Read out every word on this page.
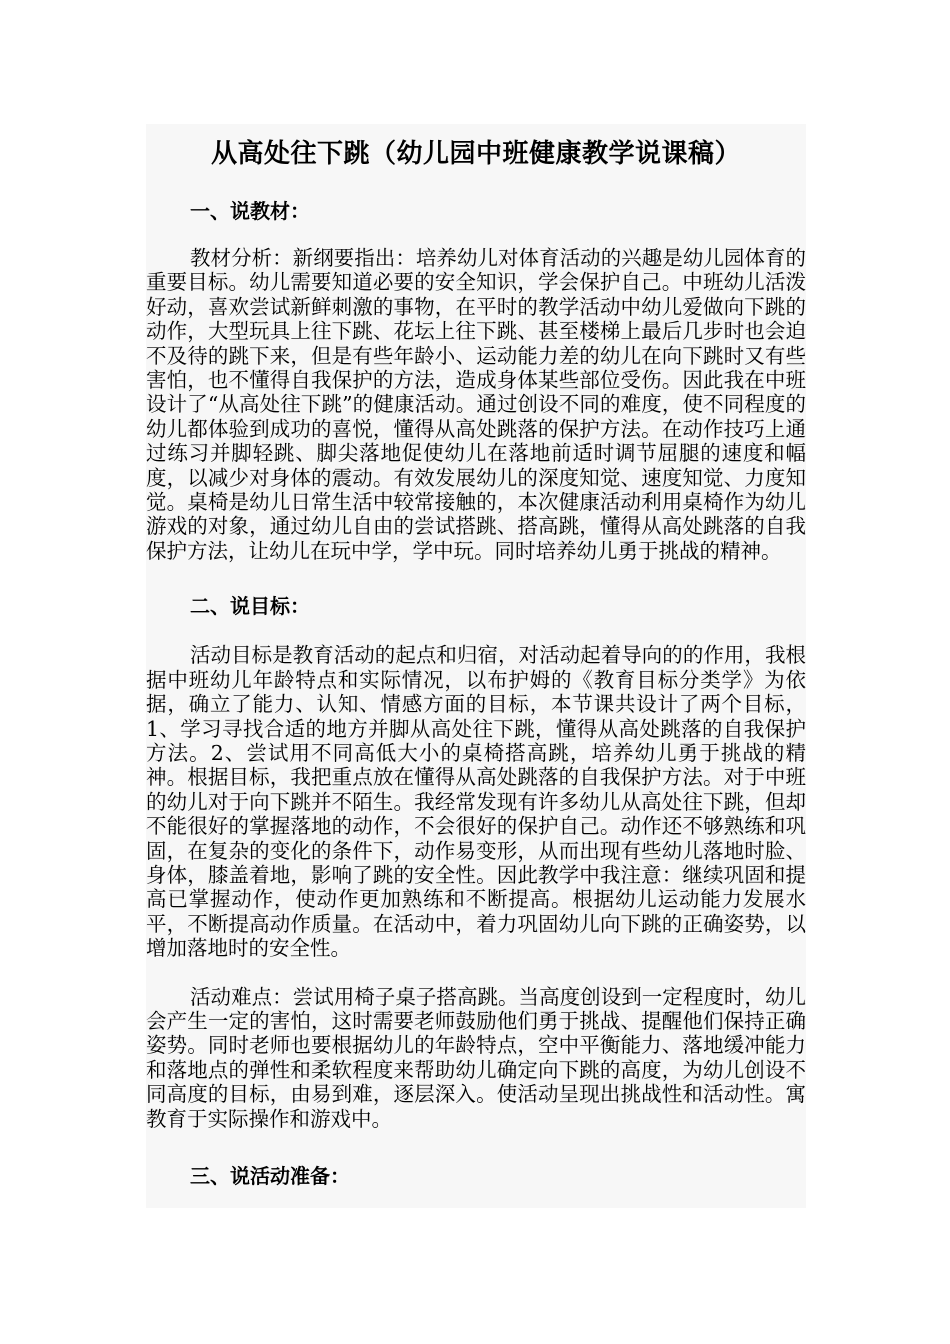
从高处往下跳（幼儿园中班健康教学说课稿）
一、说教材：

教材分析：新纲要指出：培养幼儿对体育活动的兴趣是幼儿园体育的重要目标。幼儿需要知道必要的安全知识，学会保护自己。中班幼儿活泼好动，喜欢尝试新鲜刺激的事物，在平时的教学活动中幼儿爱做向下跳的动作，大型玩具上往下跳、花坛上往下跳、甚至楼梯上最后几步时也会迫不及待的跳下来，但是有些年龄小、运动能力差的幼儿在向下跳时又有些害怕，也不懂得自我保护的方法，造成身体某些部位受伤。因此我在中班设计了“从高处往下跳”的健康活动。通过创设不同的难度，使不同程度的幼儿都体验到成功的喜悦，懂得从高处跳落的保护方法。在动作技巧上通过练习并脚轻跳、脚尖落地促使幼儿在落地前适时调节屈腿的速度和幅度，以减少对身体的震动。有效发展幼儿的深度知觉、速度知觉、力度知觉。桌椅是幼儿日常生活中较常接触的，本次健康活动利用桌椅作为幼儿游戏的对象，通过幼儿自由的尝试搭跳、搭高跳，懂得从高处跳落的自我保护方法，让幼儿在玩中学，学中玩。同时培养幼儿勇于挑战的精神。

二、说目标：

活动目标是教育活动的起点和归宿，对活动起着导向的的作用，我根据中班幼儿年龄特点和实际情况，以布护姆的《教育目标分类学》为依据，确立了能力、认知、情感方面的目标，本节课共设计了两个目标，1、学习寻找合适的地方并脚从高处往下跳，懂得从高处跳落的自我保护方法。2、尝试用不同高低大小的桌椅搭高跳，培养幼儿勇于挑战的精神。根据目标，我把重点放在懂得从高处跳落的自我保护方法。对于中班的幼儿对于向下跳并不陌生。我经常发现有许多幼儿从高处往下跳，但却不能很好的掌握落地的动作，不会很好的保护自己。动作还不够熟练和巩固，在复杂的变化的条件下，动作易变形，从而出现有些幼儿落地时脸、身体，膝盖着地，影响了跳的安全性。因此教学中我注意：继续巩固和提高已掌握动作，使动作更加熟练和不断提高。根据幼儿运动能力发展水平，不断提高动作质量。在活动中，着力巩固幼儿向下跳的正确姿势，以增加落地时的安全性。

活动难点：尝试用椅子桌子搭高跳。当高度创设到一定程度时，幼儿会产生一定的害怕，这时需要老师鼓励他们勇于挑战、提醒他们保持正确姿势。同时老师也要根据幼儿的年龄特点，空中平衡能力、落地缓冲能力和落地点的弹性和柔软程度来帮助幼儿确定向下跳的高度，为幼儿创设不同高度的目标，由易到难，逐层深入。使活动呈现出挑战性和活动性。寓教育于实际操作和游戏中。

三、说活动准备：
